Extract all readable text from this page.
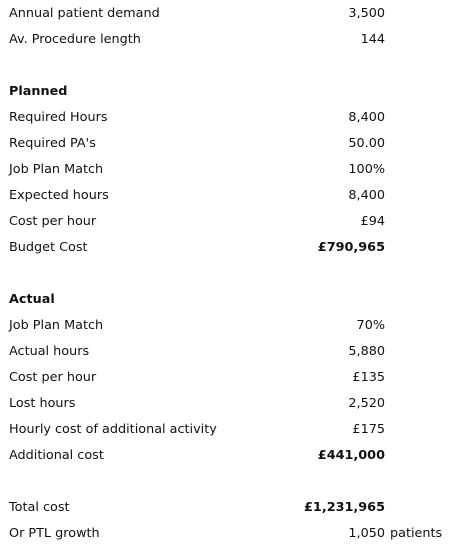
Annual patient demand	3,500
Av. Procedure length	144
Planned
Required Hours	8,400
Required PA's	50.00
Job Plan Match	100%
Expected hours	8,400
Cost per hour	£94
Budget Cost	£790,965
Actual
Job Plan Match	70%
Actual hours	5,880
Cost per hour	£135
Lost hours	2,520
Hourly cost of additional activity	£175
Additional cost	£441,000
Total cost	£1,231,965
Or PTL growth	1,050 patients
